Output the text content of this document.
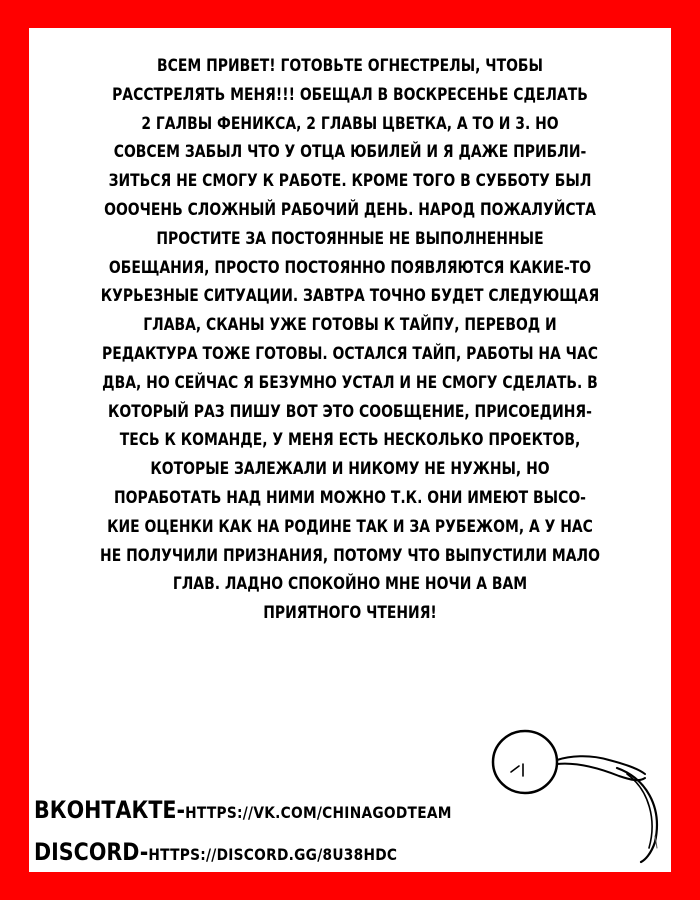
ВСЕМ ПРИВЕТ! ГОТОВЬТЕ ОГНЕСТРЕЛЫ, ЧТОБЫ
РАССТРЕЛЯТЬ МЕНЯ!!! ОБЕЩАЛ В ВОСКРЕСЕНЬЕ СДЕЛАТЬ
2 ГАЛВЫ ФЕНИКСА, 2 ГЛАВЫ ЦВЕТКА, А ТО И 3. НО
СОВСЕМ ЗАБЫЛ ЧТО У ОТЦА ЮБИЛЕЙ И Я ДАЖЕ ПРИБЛИ-
ЗИТЬСЯ НЕ СМОГУ К РАБОТЕ. КРОМЕ ТОГО В СУББОТУ БЫЛ
ОООЧЕНЬ СЛОЖНЫЙ РАБОЧИЙ ДЕНЬ. НАРОД ПОЖАЛУЙСТА
ПРОСТИТЕ ЗА ПОСТОЯННЫЕ НЕ ВЫПОЛНЕННЫЕ
ОБЕЩАНИЯ, ПРОСТО ПОСТОЯННО ПОЯВЛЯЮТСЯ КАКИЕ-ТО
КУРЬЕЗНЫЕ СИТУАЦИИ. ЗАВТРА ТОЧНО БУДЕТ СЛЕДУЮЩАЯ
ГЛАВА, СКАНЫ УЖЕ ГОТОВЫ К ТАЙПУ, ПЕРЕВОД И
РЕДАКТУРА ТОЖЕ ГОТОВЫ. ОСТАЛСЯ ТАЙП, РАБОТЫ НА ЧАС
ДВА, НО СЕЙЧАС Я БЕЗУМНО УСТАЛ И НЕ СМОГУ СДЕЛАТЬ. В
КОТОРЫЙ РАЗ ПИШУ ВОТ ЭТО СООБЩЕНИЕ, ПРИСОЕДИНЯ-
ТЕСЬ К КОМАНДЕ, У МЕНЯ ЕСТЬ НЕСКОЛЬКО ПРОЕКТОВ,
КОТОРЫЕ ЗАЛЕЖАЛИ И НИКОМУ НЕ НУЖНЫ, НО
ПОРАБОТАТЬ НАД НИМИ МОЖНО Т.К. ОНИ ИМЕЮТ ВЫСО-
КИЕ ОЦЕНКИ КАК НА РОДИНЕ ТАК И ЗА РУБЕЖОМ, А У НАС
НЕ ПОЛУЧИЛИ ПРИЗНАНИЯ, ПОТОМУ ЧТО ВЫПУСТИЛИ МАЛО
ГЛАВ. ЛАДНО СПОКОЙНО МНЕ НОЧИ А ВАМ
ПРИЯТНОГО ЧТЕНИЯ!
ВКОНТАКТЕ-HTTPS://VK.COM/CHINAGODTEAM
DISCORD-HTTPS://DISCORD.GG/8U38HDC
